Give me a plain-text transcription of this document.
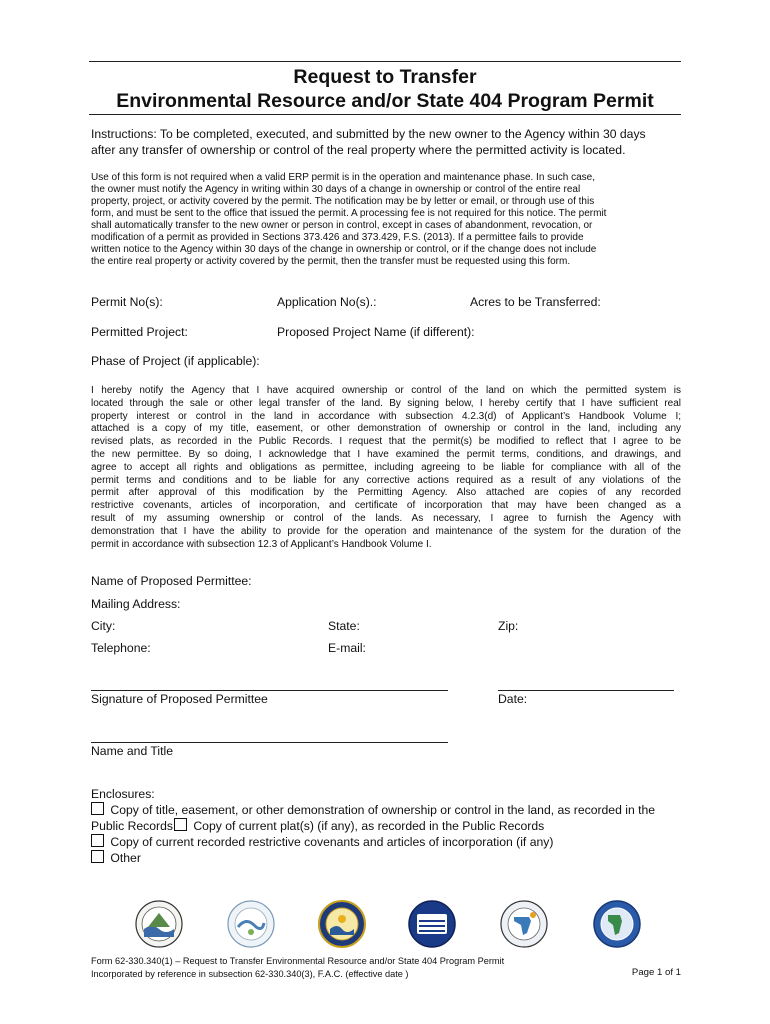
Request to Transfer
Environmental Resource and/or State 404 Program Permit
Instructions: To be completed, executed, and submitted by the new owner to the Agency within 30 days
after any transfer of ownership or control of the real property where the permitted activity is located.
Use of this form is not required when a valid ERP permit is in the operation and maintenance phase. In such case,
the owner must notify the Agency in writing within 30 days of a change in ownership or control of the entire real
property, project, or activity covered by the permit. The notification may be by letter or email, or through use of this
form, and must be sent to the office that issued the permit. A processing fee is not required for this notice. The permit
shall automatically transfer to the new owner or person in control, except in cases of abandonment, revocation, or
modification of a permit as provided in Sections 373.426 and 373.429, F.S. (2013). If a permittee fails to provide
written notice to the Agency within 30 days of the change in ownership or control, or if the change does not include
the entire real property or activity covered by the permit, then the transfer must be requested using this form.
Permit No(s):	Application No(s).:	Acres to be Transferred:
Permitted Project:	Proposed Project Name (if different):
Phase of Project (if applicable):
I hereby notify the Agency that I have acquired ownership or control of the land on which the permitted system is
located through the sale or other legal transfer of the land. By signing below, I hereby certify that I have sufficient real
property interest or control in the land in accordance with subsection 4.2.3(d) of Applicant’s Handbook Volume I;
attached is a copy of my title, easement, or other demonstration of ownership or control in the land, including any
revised plats, as recorded in the Public Records. I request that the permit(s) be modified to reflect that I agree to be
the new permittee. By so doing, I acknowledge that I have examined the permit terms, conditions, and drawings, and
agree to accept all rights and obligations as permittee, including agreeing to be liable for compliance with all of the
permit terms and conditions and to be liable for any corrective actions required as a result of any violations of the
permit after approval of this modification by the Permitting Agency. Also attached are copies of any recorded
restrictive covenants, articles of incorporation, and certificate of incorporation that may have been changed as a
result of my assuming ownership or control of the lands. As necessary, I agree to furnish the Agency with
demonstration that I have the ability to provide for the operation and maintenance of the system for the duration of the
permit in accordance with subsection 12.3 of Applicant’s Handbook Volume I.
Name of Proposed Permittee:
Mailing Address:
City:	State:	Zip:
Telephone:	E-mail:
Signature of Proposed Permittee	Date:
Name and Title
Enclosures:
Copy of title, easement, or other demonstration of ownership or control in the land, as recorded in the
Public Records Copy of current plat(s) (if any), as recorded in the Public Records
Copy of current recorded restrictive covenants and articles of incorporation (if any)
Other
Form 62-330.340(1) – Request to Transfer Environmental Resource and/or State 404 Program Permit
Incorporated by reference in subsection 62-330.340(3), F.A.C. (effective date )	Page 1 of 1
